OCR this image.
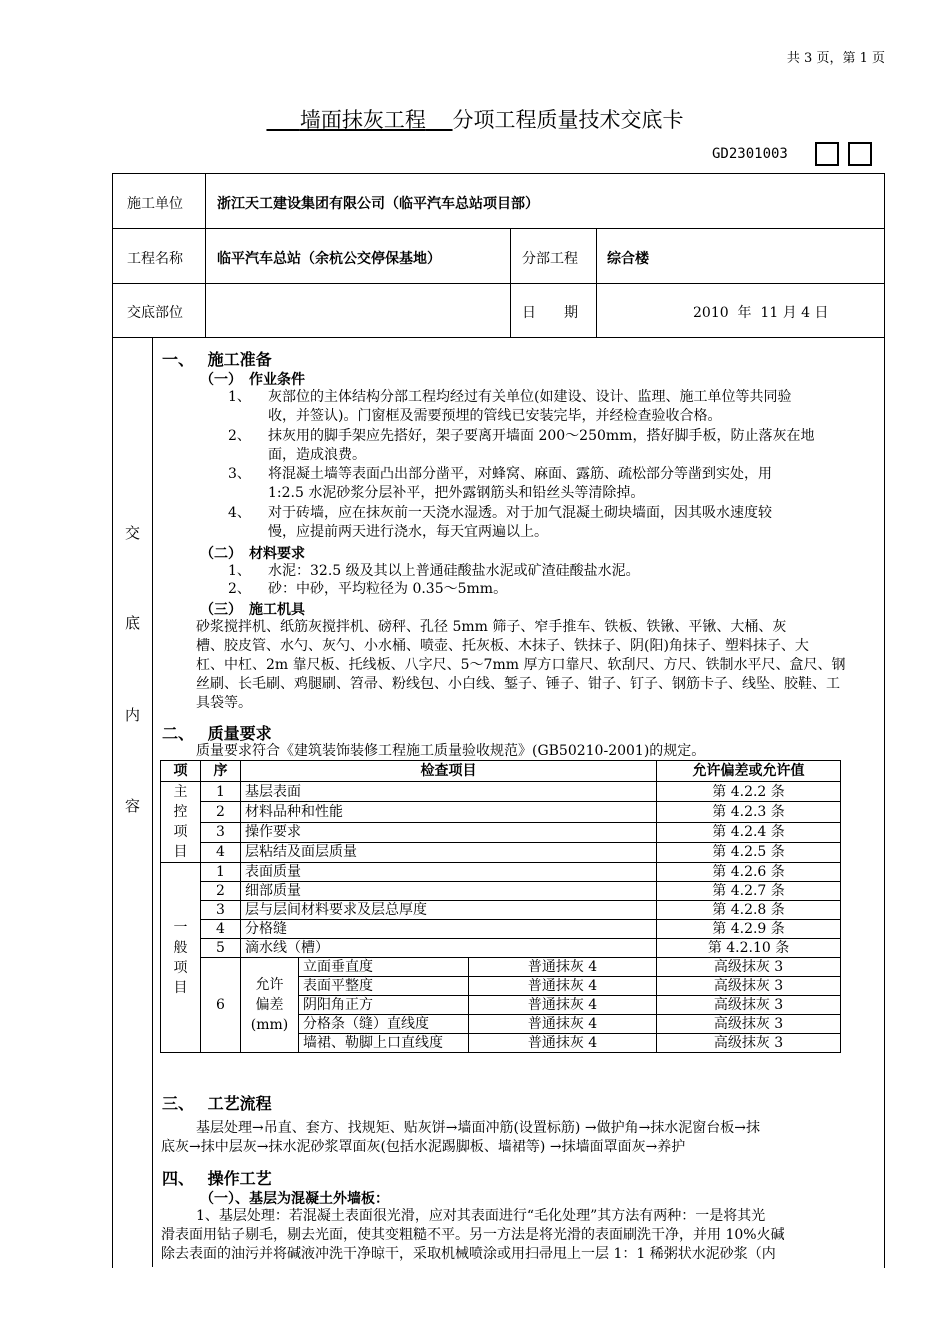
共 3 页，第 1 页
墙面抹灰工程 分项工程质量技术交底卡
GD2301003
施工单位 浙江天工建设集团有限公司（临平汽车总站项目部）
工程名称 临平汽车总站（余杭公交停保基地）	分部工程 综合楼
交底部位	日　　期	2010  年  11 月 4 日
交
底
内
容
一、　 施工准备
（一）　作业条件
1、 灰部位的主体结构分部工程均经过有关单位(如建设、设计、监理、施工单位等共同验
收，并签认)。门窗框及需要预埋的管线已安装完毕，并经检查验收合格。
2、 抹灰用的脚手架应先搭好，架子要离开墙面 200～250mm，搭好脚手板，防止落灰在地
面，造成浪费。
3、 将混凝土墙等表面凸出部分凿平，对蜂窝、麻面、露筋、疏松部分等凿到实处，用
1:2.5 水泥砂浆分层补平，把外露钢筋头和铅丝头等清除掉。
4、 对于砖墙，应在抹灰前一天浇水湿透。对于加气混凝土砌块墙面，因其吸水速度较
慢，应提前两天进行浇水，每天宜两遍以上。
（二）　材料要求
1、 水泥：32.5 级及其以上普通硅酸盐水泥或矿渣硅酸盐水泥。
2、 砂：中砂，平均粒径为 0.35～5mm。
（三）　施工机具
砂浆搅拌机、纸筋灰搅拌机、磅秤、孔径 5mm 筛子、窄手推车、铁板、铁锹、平锹、大桶、灰
槽、胶皮管、水勺、灰勺、小水桶、喷壶、托灰板、木抹子、铁抹子、阴(阳)角抹子、塑料抹子、大
杠、中杠、2m 靠尺板、托线板、八字尺、5～7mm 厚方口靠尺、软刮尺、方尺、铁制水平尺、盒尺、钢
丝刷、长毛刷、鸡腿刷、笤帚、粉线包、小白线、錾子、锤子、钳子、钉子、钢筋卡子、线坠、胶鞋、工
具袋等。
二、　 质量要求
质量要求符合《建筑装饰装修工程施工质量验收规范》(GB50210-2001)的规定。
项	序	检查项目			允许偏差或允许值
主
控
项
目	1	基层表面			第 4.2.2 条
	2	材料品种和性能			第 4.2.3 条
	3	操作要求			第 4.2.4 条
	4	层粘结及面层质量			第 4.2.5 条
一
般
项
目	1	表面质量			第 4.2.6 条
	2	细部质量			第 4.2.7 条
	3	层与层间材料要求及层总厚度			第 4.2.8 条
	4	分格缝			第 4.2.9 条
	5	滴水线（槽）			第 4.2.10 条
	6	允许
偏差
(mm)	立面垂直度	普通抹灰 4	高级抹灰 3
			表面平整度	普通抹灰 4	高级抹灰 3
			阴阳角正方	普通抹灰 4	高级抹灰 3
			分格条（缝）直线度	普通抹灰 4	高级抹灰 3
			墙裙、勒脚上口直线度	普通抹灰 4	高级抹灰 3
三、　 工艺流程
基层处理→吊直、套方、找规矩、贴灰饼→墙面冲筋(设置标筋) →做护角→抹水泥窗台板→抹
底灰→抹中层灰→抹水泥砂浆罩面灰(包括水泥踢脚板、墙裙等) →抹墙面罩面灰→养护
四、　 操作工艺
（一）、基层为混凝土外墙板：
1、基层处理：若混凝土表面很光滑，应对其表面进行“毛化处理”其方法有两种：一是将其光
滑表面用钻子剔毛，剔去光面，使其变粗糙不平。另一方法是将光滑的表面刷洗干净，并用 10%火碱
除去表面的油污并将碱液冲洗干净晾干，采取机械喷涂或用扫帚甩上一层 1：1 稀粥状水泥砂浆（内
